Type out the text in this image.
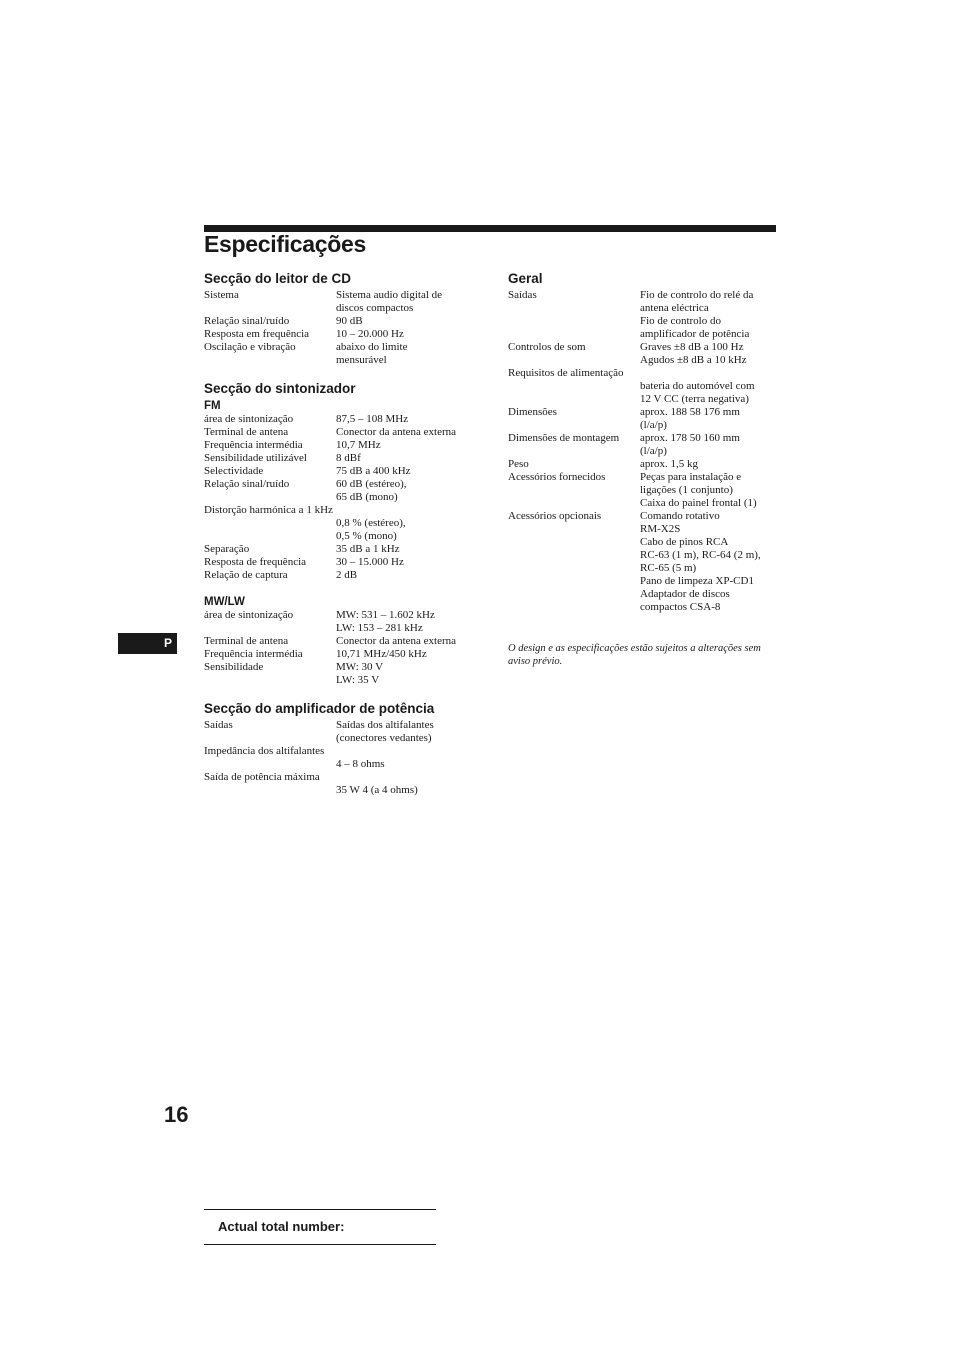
Especificações
Secção do leitor de CD
Sistema	Sistema audio digital de
discos compactos
Relação sinal/ruído	90 dB
Resposta em frequência	10 – 20.000 Hz
Oscilação e vibração	abaixo do limite
mensurável
Secção do sintonizador
FM
área de sintonização	87,5 – 108 MHz
Terminal de antena	Conector da antena externa
Frequência intermédia	10,7 MHz
Sensibilidade utilizável	8 dBf
Selectividade	75 dB a 400 kHz
Relação sinal/ruído	60 dB (estéreo),
65 dB (mono)
Distorção harmónica a 1 kHz
0,8 % (estéreo),
0,5 % (mono)
Separação	35 dB a 1 kHz
Resposta de frequência	30 – 15.000 Hz
Relação de captura	2 dB
MW/LW
área de sintonização	MW: 531 – 1.602 kHz
LW: 153 – 281 kHz
Terminal de antena	Conector da antena externa
Frequência intermédia	10,71 MHz/450 kHz
Sensibilidade	MW: 30 V
LW: 35 V
Secção do amplificador de potência
Saídas	Saídas dos altifalantes
(conectores vedantes)
Impedância dos altifalantes
4 – 8 ohms
Saída de potência máxima
35 W 4 (a 4 ohms)
Geral
Saídas	Fio de controlo do relé da
antena eléctrica
Fio de controlo do
amplificador de potência
Controlos de som	Graves ±8 dB a 100 Hz
Agudos ±8 dB a 10 kHz
Requisitos de alimentação
bateria do automóvel com
12 V CC (terra negativa)
Dimensões	aprox. 188 58 176 mm
(l/a/p)
Dimensões de montagem	aprox. 178 50 160 mm
(l/a/p)
Peso	aprox. 1,5 kg
Acessórios fornecidos	Peças para instalação e
ligações (1 conjunto)
Caixa do painel frontal (1)
Acessórios opcionais	Comando rotativo
RM-X2S
Cabo de pinos RCA
RC-63 (1 m), RC-64 (2 m),
RC-65 (5 m)
Pano de limpeza XP-CD1
Adaptador de discos
compactos CSA-8

O design e as especificações estão sujeitos a alterações sem aviso prévio.

P
16
Actual total number:
